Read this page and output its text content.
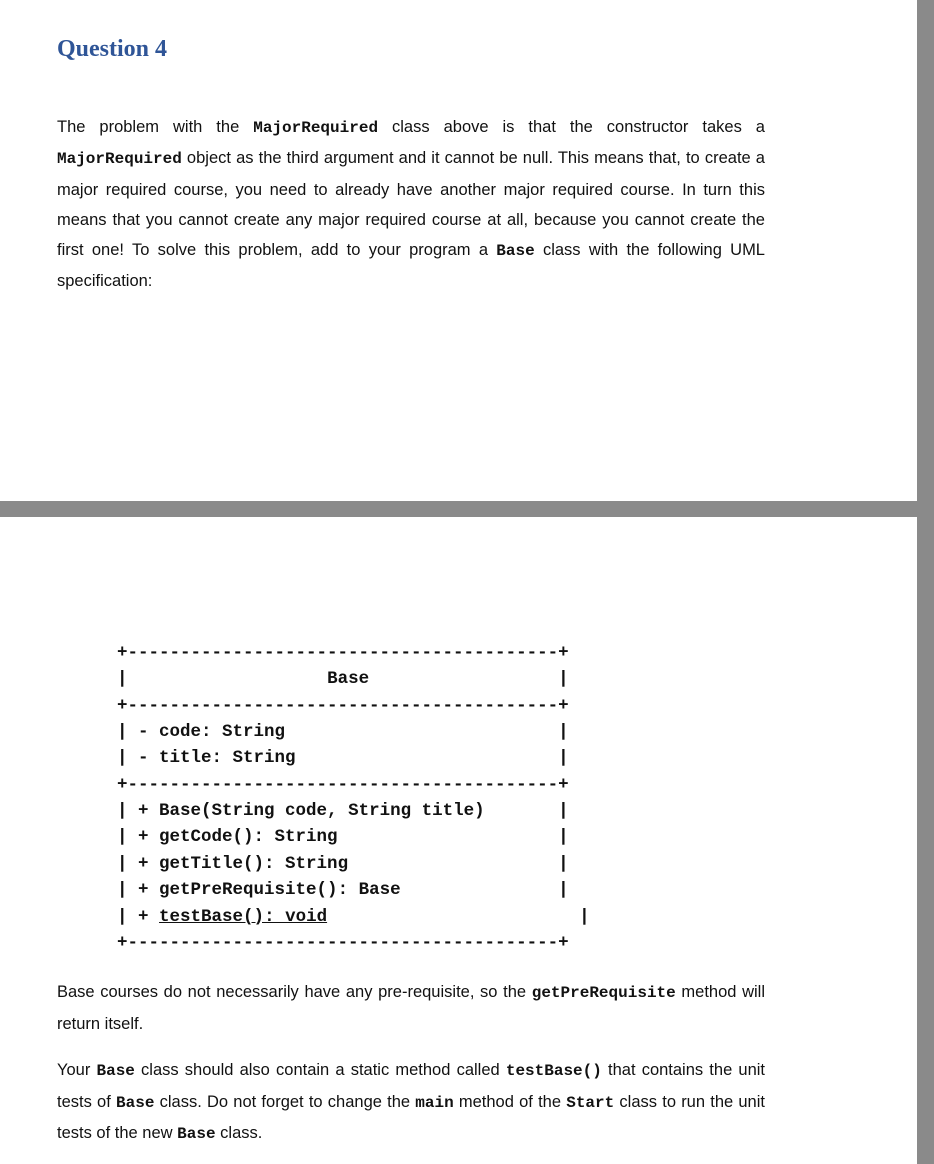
Question 4

The problem with the MajorRequired class above is that the constructor takes a MajorRequired object as the third argument and it cannot be null. This means that, to create a major required course, you need to already have another major required course. In turn this means that you cannot create any major required course at all, because you cannot create the first one! To solve this problem, add to your program a Base class with the following UML specification:

Base courses do not necessarily have any pre-requisite, so the getPreRequisite method will return itself.

Your Base class should also contain a static method called testBase() that contains the unit tests of Base class. Do not forget to change the main method of the Start class to run the unit tests of the new Base class.

+-----------------------------------------+
|	Base	|
+-----------------------------------------+
| - code: String	|
| - title: String	|
+-----------------------------------------+
| + Base(String code, String title)	|
| + getCode(): String	|
| + getTitle(): String	|
| + getPreRequisite(): Base	|
| + testBase(): void	|
+-----------------------------------------+
